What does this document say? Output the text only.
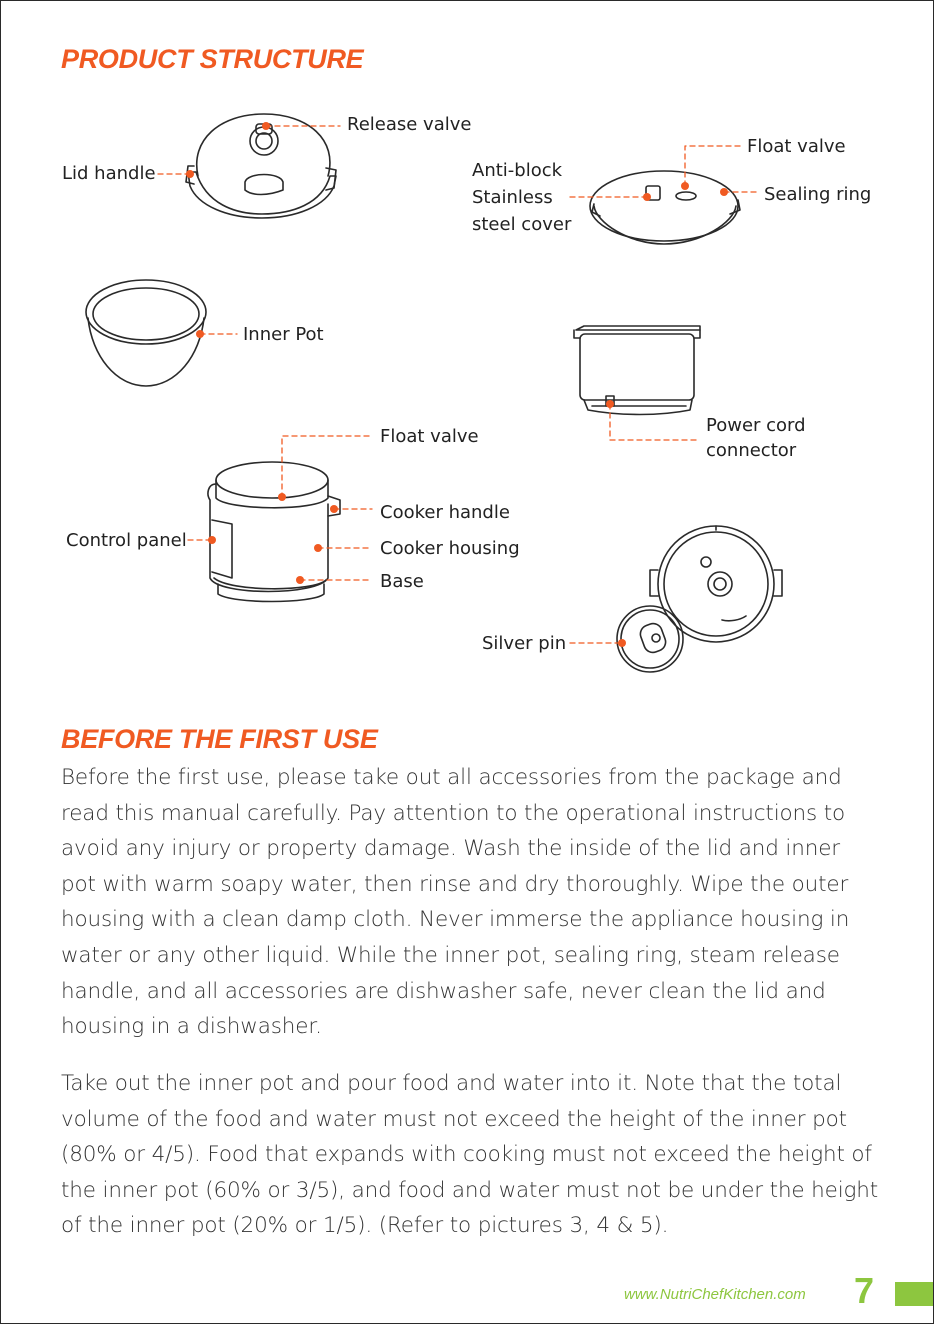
PRODUCT STRUCTURE
Release valve
Lid handle
Float valve
Anti-block Stainless steel cover
Sealing ring
Inner Pot
Power cord connector
Float valve
Cooker handle
Control panel	Cooker housing
Base
Silver pin
BEFORE THE FIRST USE
Before the first use, please take out all accessories from the package and read this manual carefully. Pay attention to the operational instructions to avoid any injury or property damage. Wash the inside of the lid and inner pot with warm soapy water, then rinse and dry thoroughly. Wipe the outer housing with a clean damp cloth. Never immerse the appliance housing in water or any other liquid. While the inner pot, sealing ring, steam release handle, and all accessories are dishwasher safe, never clean the lid and housing in a dishwasher.
Take out the inner pot and pour food and water into it. Note that the total volume of the food and water must not exceed the height of the inner pot (80% or 4/5). Food that expands with cooking must not exceed the height of the inner pot (60% or 3/5), and food and water must not be under the height of the inner pot (20% or 1/5). (Refer to pictures 3, 4 & 5).
www.NutriChefKitchen.com 7
